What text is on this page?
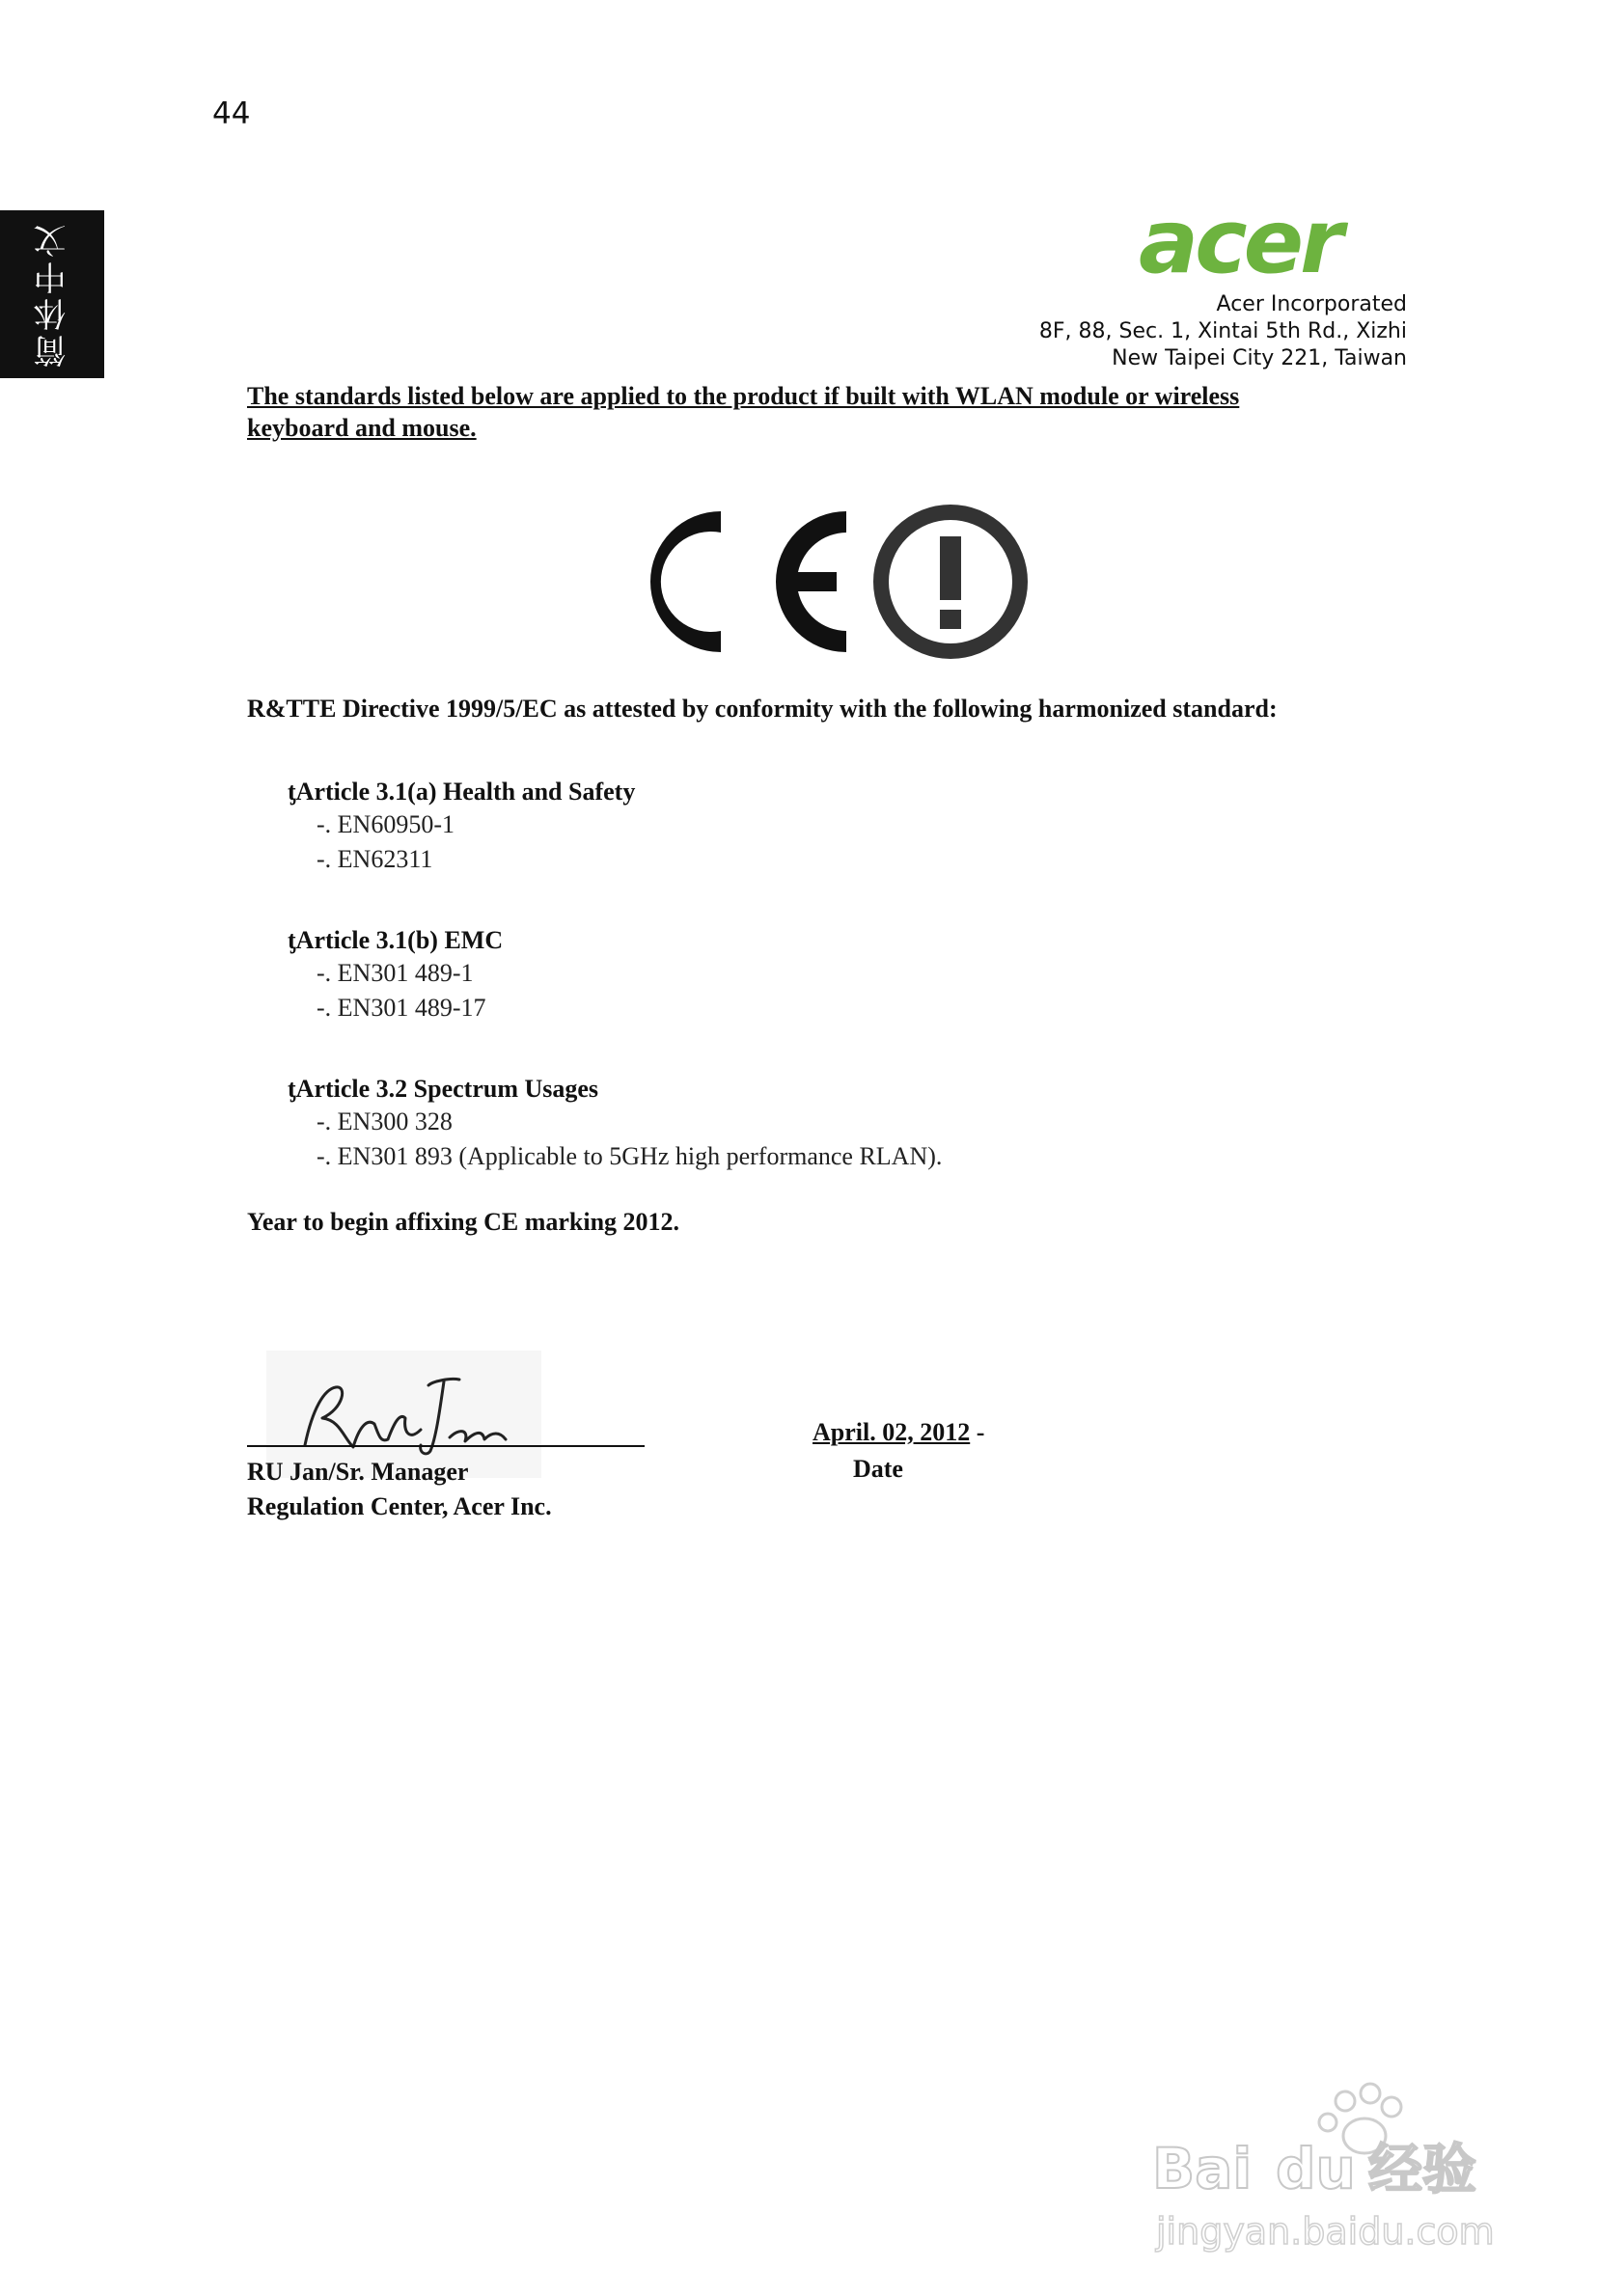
44
简体中文	acer
Acer Incorporated
8F, 88, Sec. 1, Xintai 5th Rd., Xizhi
New Taipei City 221, Taiwan
The standards listed below are applied to the product if built with WLAN module or wireless keyboard and mouse.
R&TTE Directive 1999/5/EC as attested by conformity with the following harmonized standard:
ƫArticle 3.1(a) Health and Safety
-. EN60950-1
-. EN62311
ƫArticle 3.1(b) EMC
-. EN301 489-1
-. EN301 489-17
ƫArticle 3.2 Spectrum Usages
-. EN300 328
-. EN301 893 (Applicable to 5GHz high performance RLAN).
Year to begin affixing CE marking 2012.
RU Jan/Sr. Manager
Regulation Center, Acer Inc.
April. 02, 2012 -
Date
Bai du 经验
jingyan.baidu.com
